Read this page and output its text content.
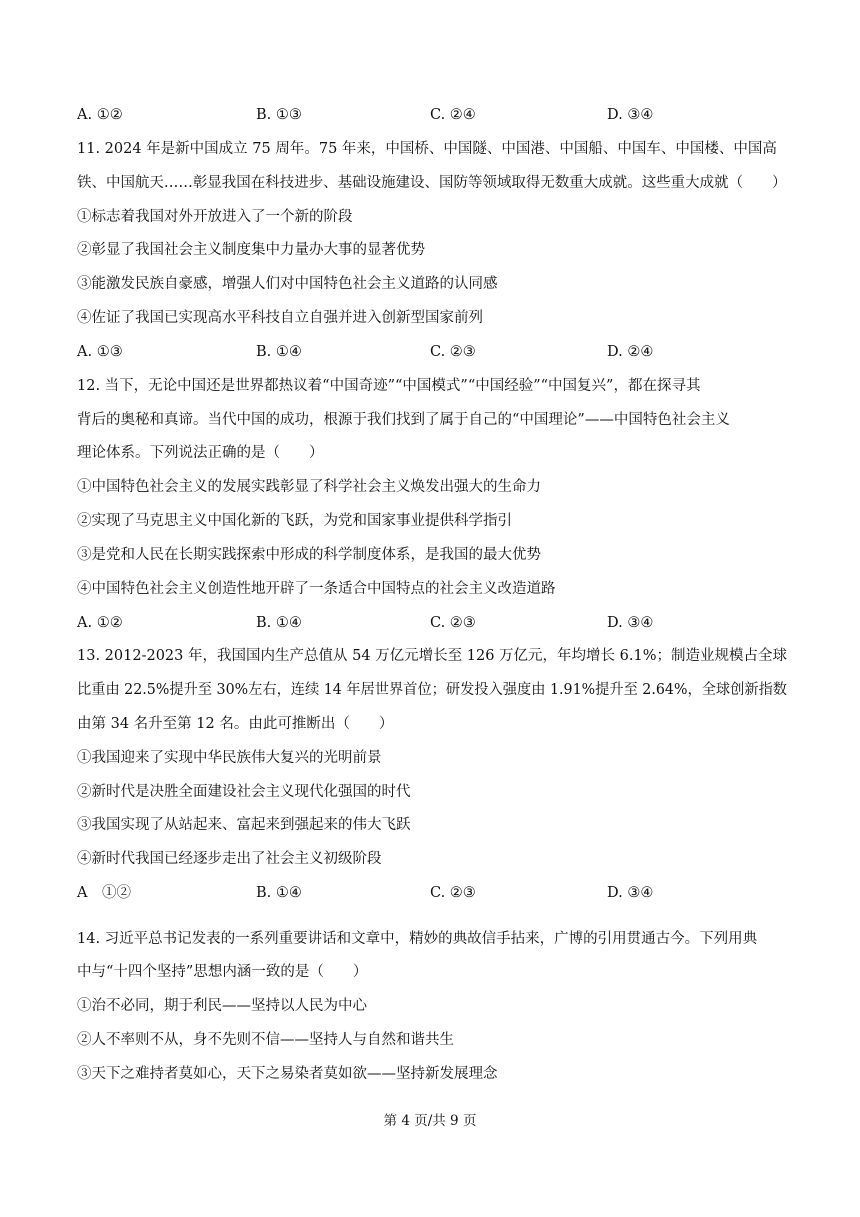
A. ①②	B. ①③	C. ②④	D. ③④
11. 2024 年是新中国成立 75 周年。75 年来，中国桥、中国隧、中国港、中国船、中国车、中国楼、中国高
铁、中国航天……彰显我国在科技进步、基础设施建设、国防等领域取得无数重大成就。这些重大成就（　　）
①标志着我国对外开放进入了一个新的阶段
②彰显了我国社会主义制度集中力量办大事的显著优势
③能激发民族自豪感，增强人们对中国特色社会主义道路的认同感
④佐证了我国已实现高水平科技自立自强并进入创新型国家前列
A. ①③	B. ①④	C. ②③	D. ②④
12. 当下，无论中国还是世界都热议着“中国奇迹”“中国模式”“中国经验”“中国复兴”，都在探寻其
背后的奥秘和真谛。当代中国的成功，根源于我们找到了属于自己的“中国理论”——中国特色社会主义
理论体系。下列说法正确的是（　　）
①中国特色社会主义的发展实践彰显了科学社会主义焕发出强大的生命力
②实现了马克思主义中国化新的飞跃，为党和国家事业提供科学指引
③是党和人民在长期实践探索中形成的科学制度体系，是我国的最大优势
④中国特色社会主义创造性地开辟了一条适合中国特点的社会主义改造道路
A. ①②	B. ①④	C. ②③	D. ③④
13. 2012-2023 年，我国国内生产总值从 54 万亿元增长至 126 万亿元，年均增长 6.1%；制造业规模占全球
比重由 22.5%提升至 30%左右，连续 14 年居世界首位；研发投入强度由 1.91%提升至 2.64%，全球创新指数
由第 34 名升至第 12 名。由此可推断出（　　）
①我国迎来了实现中华民族伟大复兴的光明前景
②新时代是决胜全面建设社会主义现代化强国的时代
③我国实现了从站起来、富起来到强起来的伟大飞跃
④新时代我国已经逐步走出了社会主义初级阶段
A　①②	B. ①④	C. ②③	D. ③④
14. 习近平总书记发表的一系列重要讲话和文章中，精妙的典故信手拈来，广博的引用贯通古今。下列用典
中与“十四个坚持”思想内涵一致的是（　　）
①治不必同，期于利民——坚持以人民为中心
②人不率则不从，身不先则不信——坚持人与自然和谐共生
③天下之难持者莫如心，天下之易染者莫如欲——坚持新发展理念
第 4 页/共 9 页
